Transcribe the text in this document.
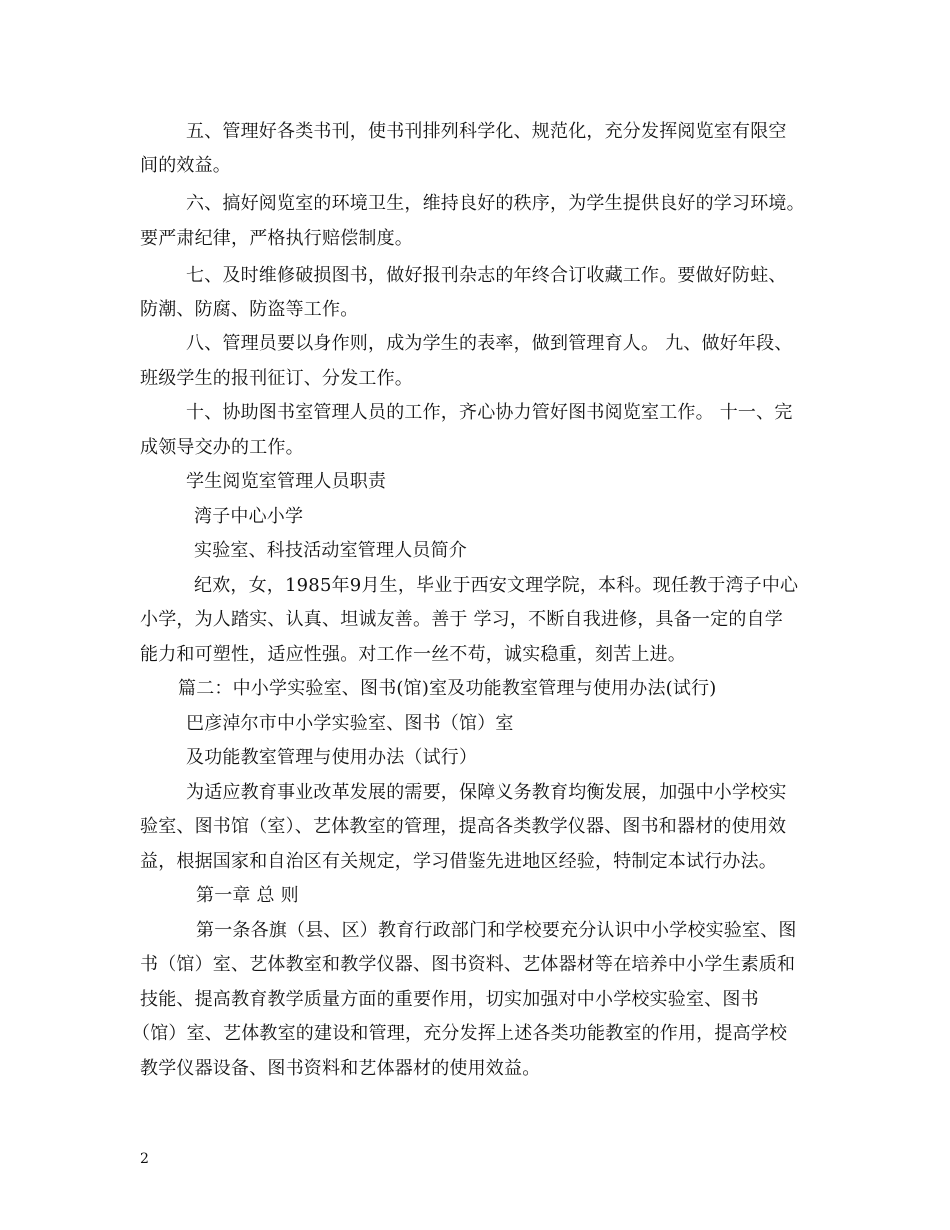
五、管理好各类书刊，使书刊排列科学化、规范化，充分发挥阅览室有限空
间的效益。
六、搞好阅览室的环境卫生，维持良好的秩序，为学生提供良好的学习环境。
要严肃纪律，严格执行赔偿制度。
七、及时维修破损图书，做好报刊杂志的年终合订收藏工作。要做好防蛀、
防潮、防腐、防盗等工作。
八、管理员要以身作则，成为学生的表率，做到管理育人。 九、做好年段、
班级学生的报刊征订、分发工作。
十、协助图书室管理人员的工作，齐心协力管好图书阅览室工作。 十一、完
成领导交办的工作。
学生阅览室管理人员职责
湾子中心小学
实验室、科技活动室管理人员简介
纪欢，女，1985年9月生，毕业于西安文理学院，本科。现任教于湾子中心
小学，为人踏实、认真、坦诚友善。善于 学习，不断自我进修，具备一定的自学
能力和可塑性，适应性强。对工作一丝不苟，诚实稳重，刻苦上进。
篇二：中小学实验室、图书(馆)室及功能教室管理与使用办法(试行)
巴彦淖尔市中小学实验室、图书（馆）室
及功能教室管理与使用办法（试行）
为适应教育事业改革发展的需要，保障义务教育均衡发展，加强中小学校实
验室、图书馆（室）、艺体教室的管理，提高各类教学仪器、图书和器材的使用效
益，根据国家和自治区有关规定，学习借鉴先进地区经验，特制定本试行办法。
第一章 总 则
第一条各旗（县、区）教育行政部门和学校要充分认识中小学校实验室、图
书（馆）室、艺体教室和教学仪器、图书资料、艺体器材等在培养中小学生素质和
技能、提高教育教学质量方面的重要作用，切实加强对中小学校实验室、图书
（馆）室、艺体教室的建设和管理，充分发挥上述各类功能教室的作用，提高学校
教学仪器设备、图书资料和艺体器材的使用效益。
2
